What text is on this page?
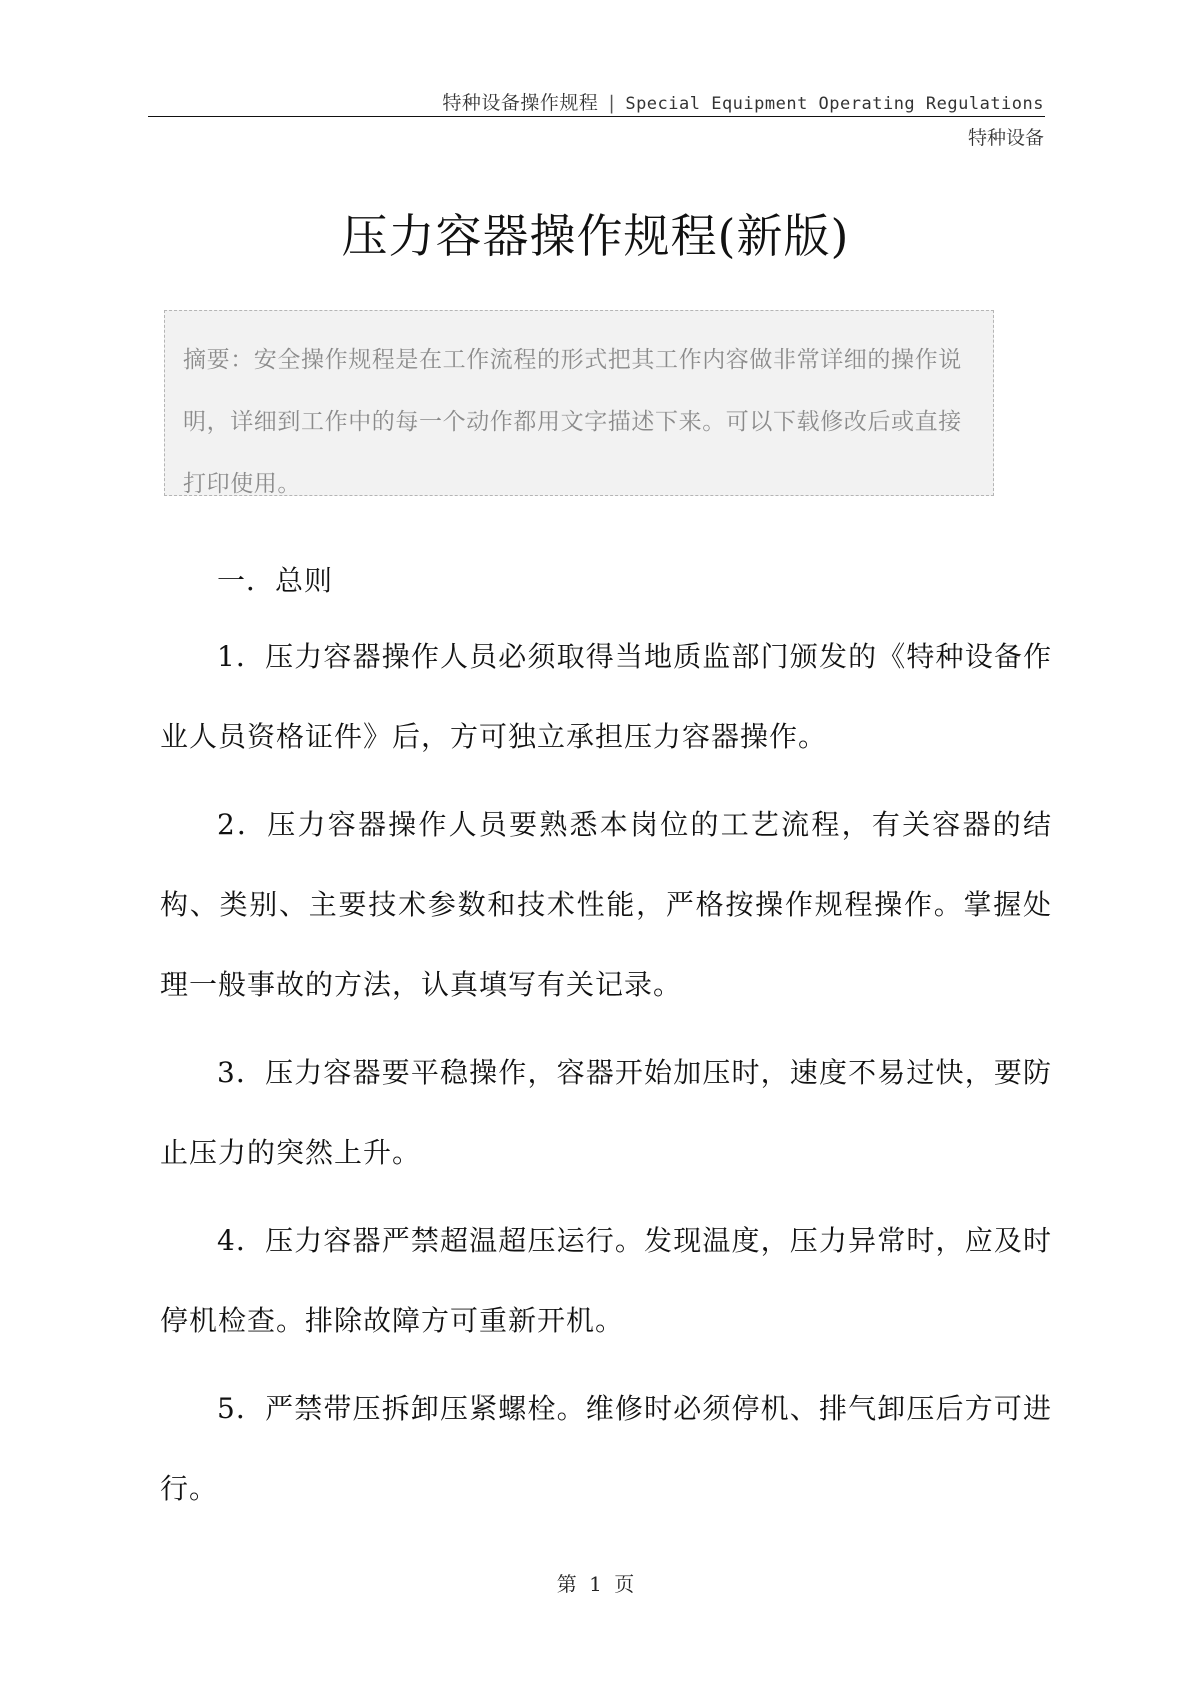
特种设备操作规程 | Special Equipment Operating Regulations
特种设备
压力容器操作规程(新版)

摘要：安全操作规程是在工作流程的形式把其工作内容做非常详细的操作说明，详细到工作中的每一个动作都用文字描述下来。可以下载修改后或直接打印使用。

一．总则

1．压力容器操作人员必须取得当地质监部门颁发的《特种设备作业人员资格证件》后，方可独立承担压力容器操作。

2．压力容器操作人员要熟悉本岗位的工艺流程，有关容器的结构、类别、主要技术参数和技术性能，严格按操作规程操作。掌握处理一般事故的方法，认真填写有关记录。

3．压力容器要平稳操作，容器开始加压时，速度不易过快，要防止压力的突然上升。

4．压力容器严禁超温超压运行。发现温度，压力异常时，应及时停机检查。排除故障方可重新开机。

5．严禁带压拆卸压紧螺栓。维修时必须停机、排气卸压后方可进行。

第 1 页
